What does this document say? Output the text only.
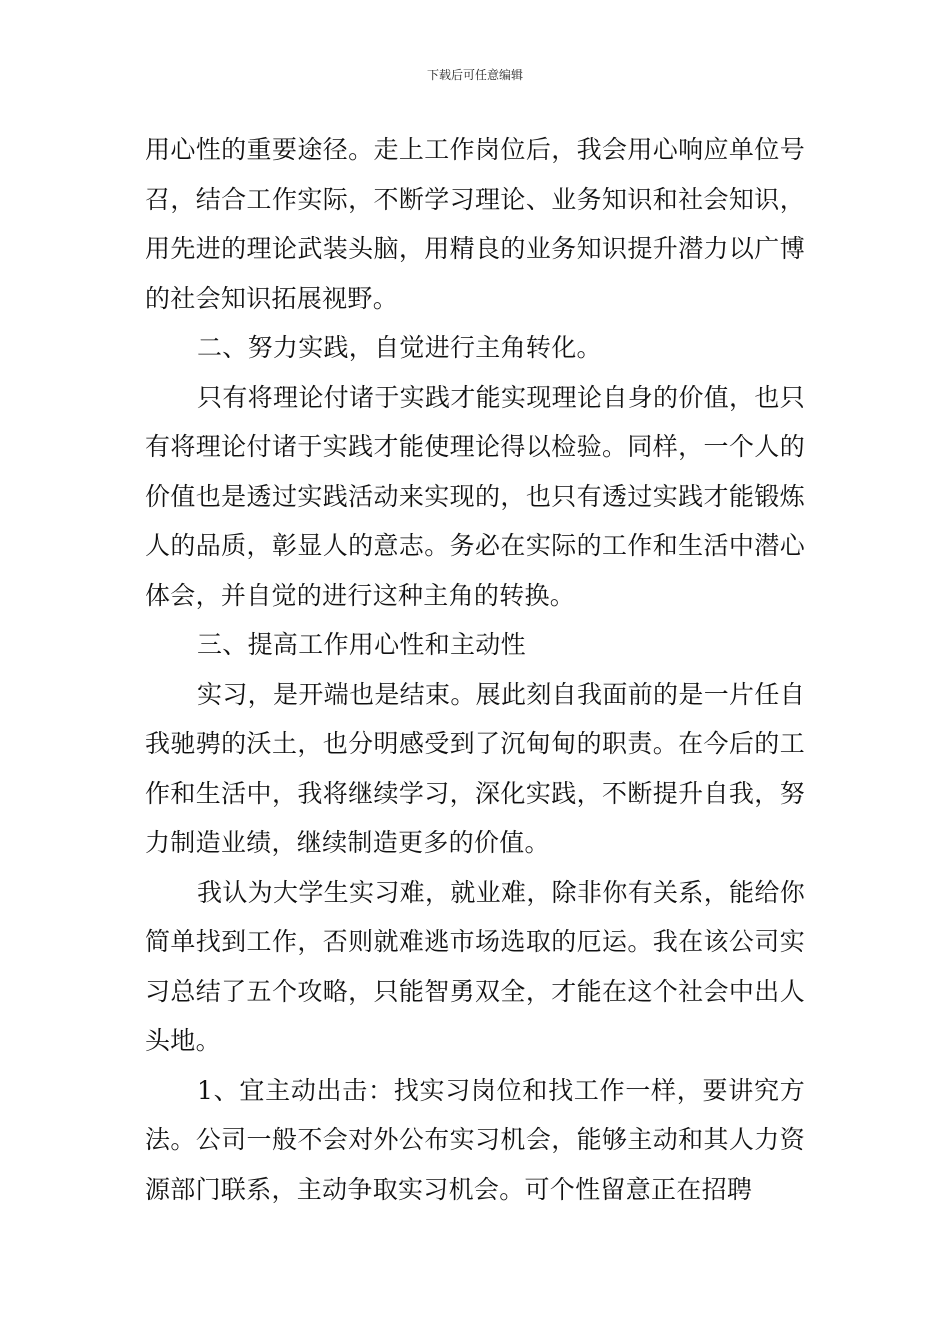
下载后可任意编辑

用心性的重要途径。走上工作岗位后，我会用心响应单位号召，结合工作实际，不断学习理论、业务知识和社会知识，用先进的理论武装头脑，用精良的业务知识提升潜力以广博的社会知识拓展视野。

二、努力实践，自觉进行主角转化。

只有将理论付诸于实践才能实现理论自身的价值，也只有将理论付诸于实践才能使理论得以检验。同样，一个人的价值也是透过实践活动来实现的，也只有透过实践才能锻炼人的品质，彰显人的意志。务必在实际的工作和生活中潜心体会，并自觉的进行这种主角的转换。

三、提高工作用心性和主动性

实习，是开端也是结束。展此刻自我面前的是一片任自我驰骋的沃土，也分明感受到了沉甸甸的职责。在今后的工作和生活中，我将继续学习，深化实践，不断提升自我，努力制造业绩，继续制造更多的价值。

我认为大学生实习难，就业难，除非你有关系，能给你简单找到工作，否则就难逃市场选取的厄运。我在该公司实习总结了五个攻略，只能智勇双全，才能在这个社会中出人头地。

1、宜主动出击：找实习岗位和找工作一样，要讲究方法。公司一般不会对外公布实习机会，能够主动和其人力资源部门联系，主动争取实习机会。可个性留意正在招聘
